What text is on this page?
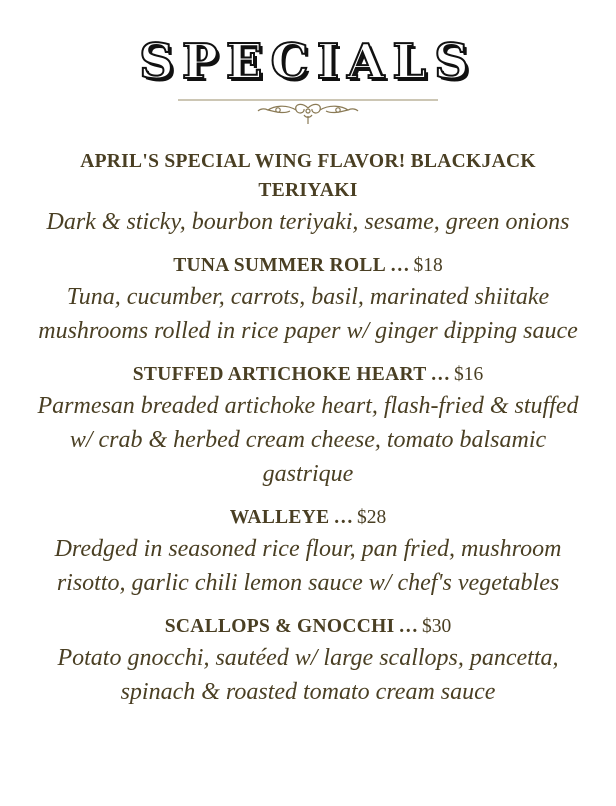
SPECIALS
APRIL'S SPECIAL WING FLAVOR! BLACKJACK TERIYAKI
Dark & sticky, bourbon teriyaki, sesame, green onions
TUNA SUMMER ROLL … $18
Tuna, cucumber, carrots, basil, marinated shiitake mushrooms rolled in rice paper w/ ginger dipping sauce
STUFFED ARTICHOKE HEART … $16
Parmesan breaded artichoke heart, flash-fried & stuffed w/ crab & herbed cream cheese, tomato balsamic gastrique
WALLEYE … $28
Dredged in seasoned rice flour, pan fried, mushroom risotto, garlic chili lemon sauce w/ chef's vegetables
SCALLOPS & GNOCCHI … $30
Potato gnocchi, sautéed w/ large scallops, pancetta, spinach & roasted tomato cream sauce
